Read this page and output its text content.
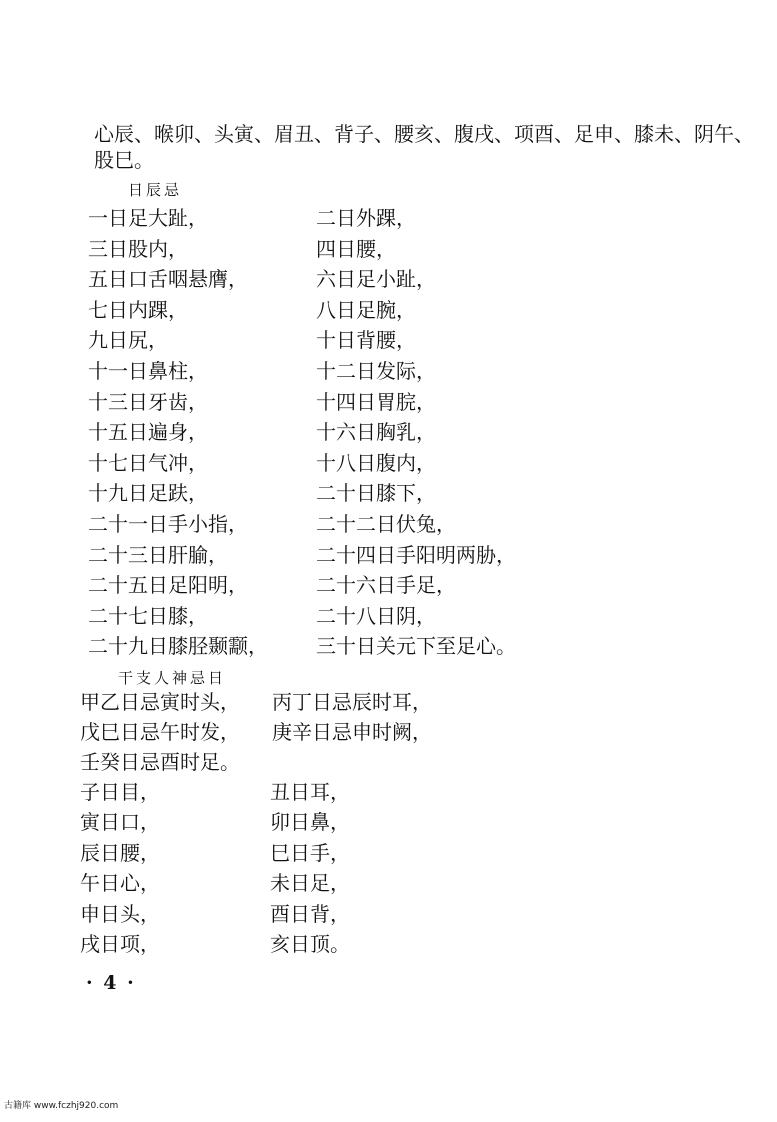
心辰、喉卯、头寅、眉丑、背子、腰亥、腹戌、项酉、足申、膝未、阴午、
股巳。
日辰忌
一日足大趾，	二日外踝，
三日股内，	四日腰，
五日口舌咽悬膺，	六日足小趾，
七日内踝，	八日足腕，
九日尻，	十日背腰，
十一日鼻柱，	十二日发际，
十三日牙齿，	十四日胃脘，
十五日遍身，	十六日胸乳，
十七日气冲，	十八日腹内，
十九日足趺，	二十日膝下，
二十一日手小指，	二十二日伏兔，
二十三日肝腧，	二十四日手阳明两胁，
二十五日足阳明，	二十六日手足，
二十七日膝，	二十八日阴，
二十九日膝胫颞颥， 三十日关元下至足心。
干支人神忌日
甲乙日忌寅时头， 丙丁日忌辰时耳，
戊巳日忌午时发， 庚辛日忌申时阙，
壬癸日忌酉时足。
子日目，	丑日耳，
寅日口，	卯日鼻，
辰日腰，	巳日手，
午日心，	未日足，
申日头，	酉日背，
戌日项，	亥日顶。
· 4 ·
古籍库 www.fczhj920.com
